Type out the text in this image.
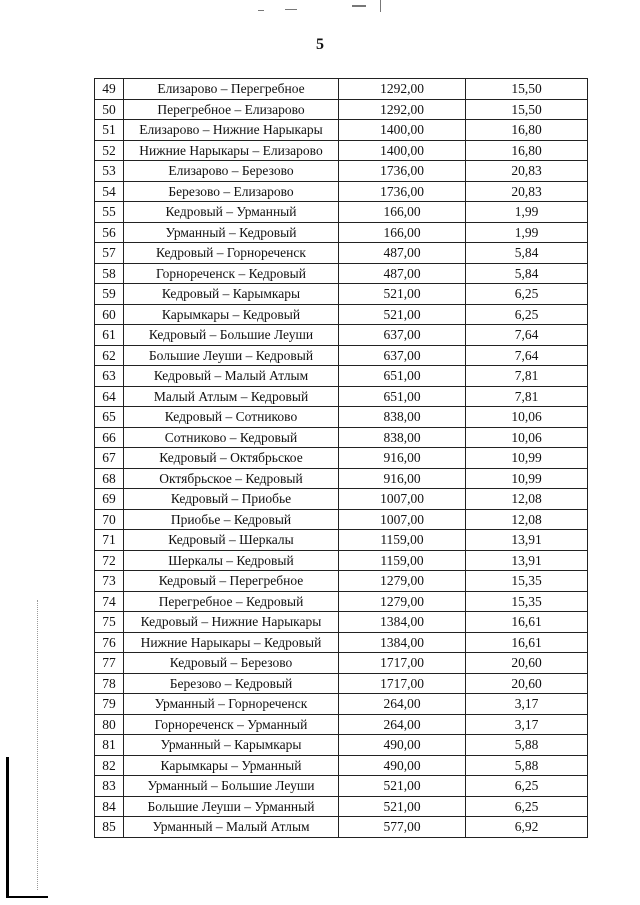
5
49	Елизарово – Перегребное	1292,00	15,50
50	Перегребное – Елизарово	1292,00	15,50
51	Елизарово – Нижние Нарыкары	1400,00	16,80
52	Нижние Нарыкары – Елизарово	1400,00	16,80
53	Елизарово – Березово	1736,00	20,83
54	Березово – Елизарово	1736,00	20,83
55	Кедровый – Урманный	166,00	1,99
56	Урманный – Кедровый	166,00	1,99
57	Кедровый – Горнореченск	487,00	5,84
58	Горнореченск – Кедровый	487,00	5,84
59	Кедровый – Карымкары	521,00	6,25
60	Карымкары – Кедровый	521,00	6,25
61	Кедровый – Большие Леуши	637,00	7,64
62	Большие Леуши – Кедровый	637,00	7,64
63	Кедровый – Малый Атлым	651,00	7,81
64	Малый Атлым – Кедровый	651,00	7,81
65	Кедровый – Сотниково	838,00	10,06
66	Сотниково – Кедровый	838,00	10,06
67	Кедровый – Октябрьское	916,00	10,99
68	Октябрьское – Кедровый	916,00	10,99
69	Кедровый – Приобье	1007,00	12,08
70	Приобье – Кедровый	1007,00	12,08
71	Кедровый – Шеркалы	1159,00	13,91
72	Шеркалы – Кедровый	1159,00	13,91
73	Кедровый – Перегребное	1279,00	15,35
74	Перегребное – Кедровый	1279,00	15,35
75	Кедровый – Нижние Нарыкары	1384,00	16,61
76	Нижние Нарыкары – Кедровый	1384,00	16,61
77	Кедровый – Березово	1717,00	20,60
78	Березово – Кедровый	1717,00	20,60
79	Урманный – Горнореченск	264,00	3,17
80	Горнореченск – Урманный	264,00	3,17
81	Урманный – Карымкары	490,00	5,88
82	Карымкары – Урманный	490,00	5,88
83	Урманный – Большие Леуши	521,00	6,25
84	Большие Леуши – Урманный	521,00	6,25
85	Урманный – Малый Атлым	577,00	6,92
